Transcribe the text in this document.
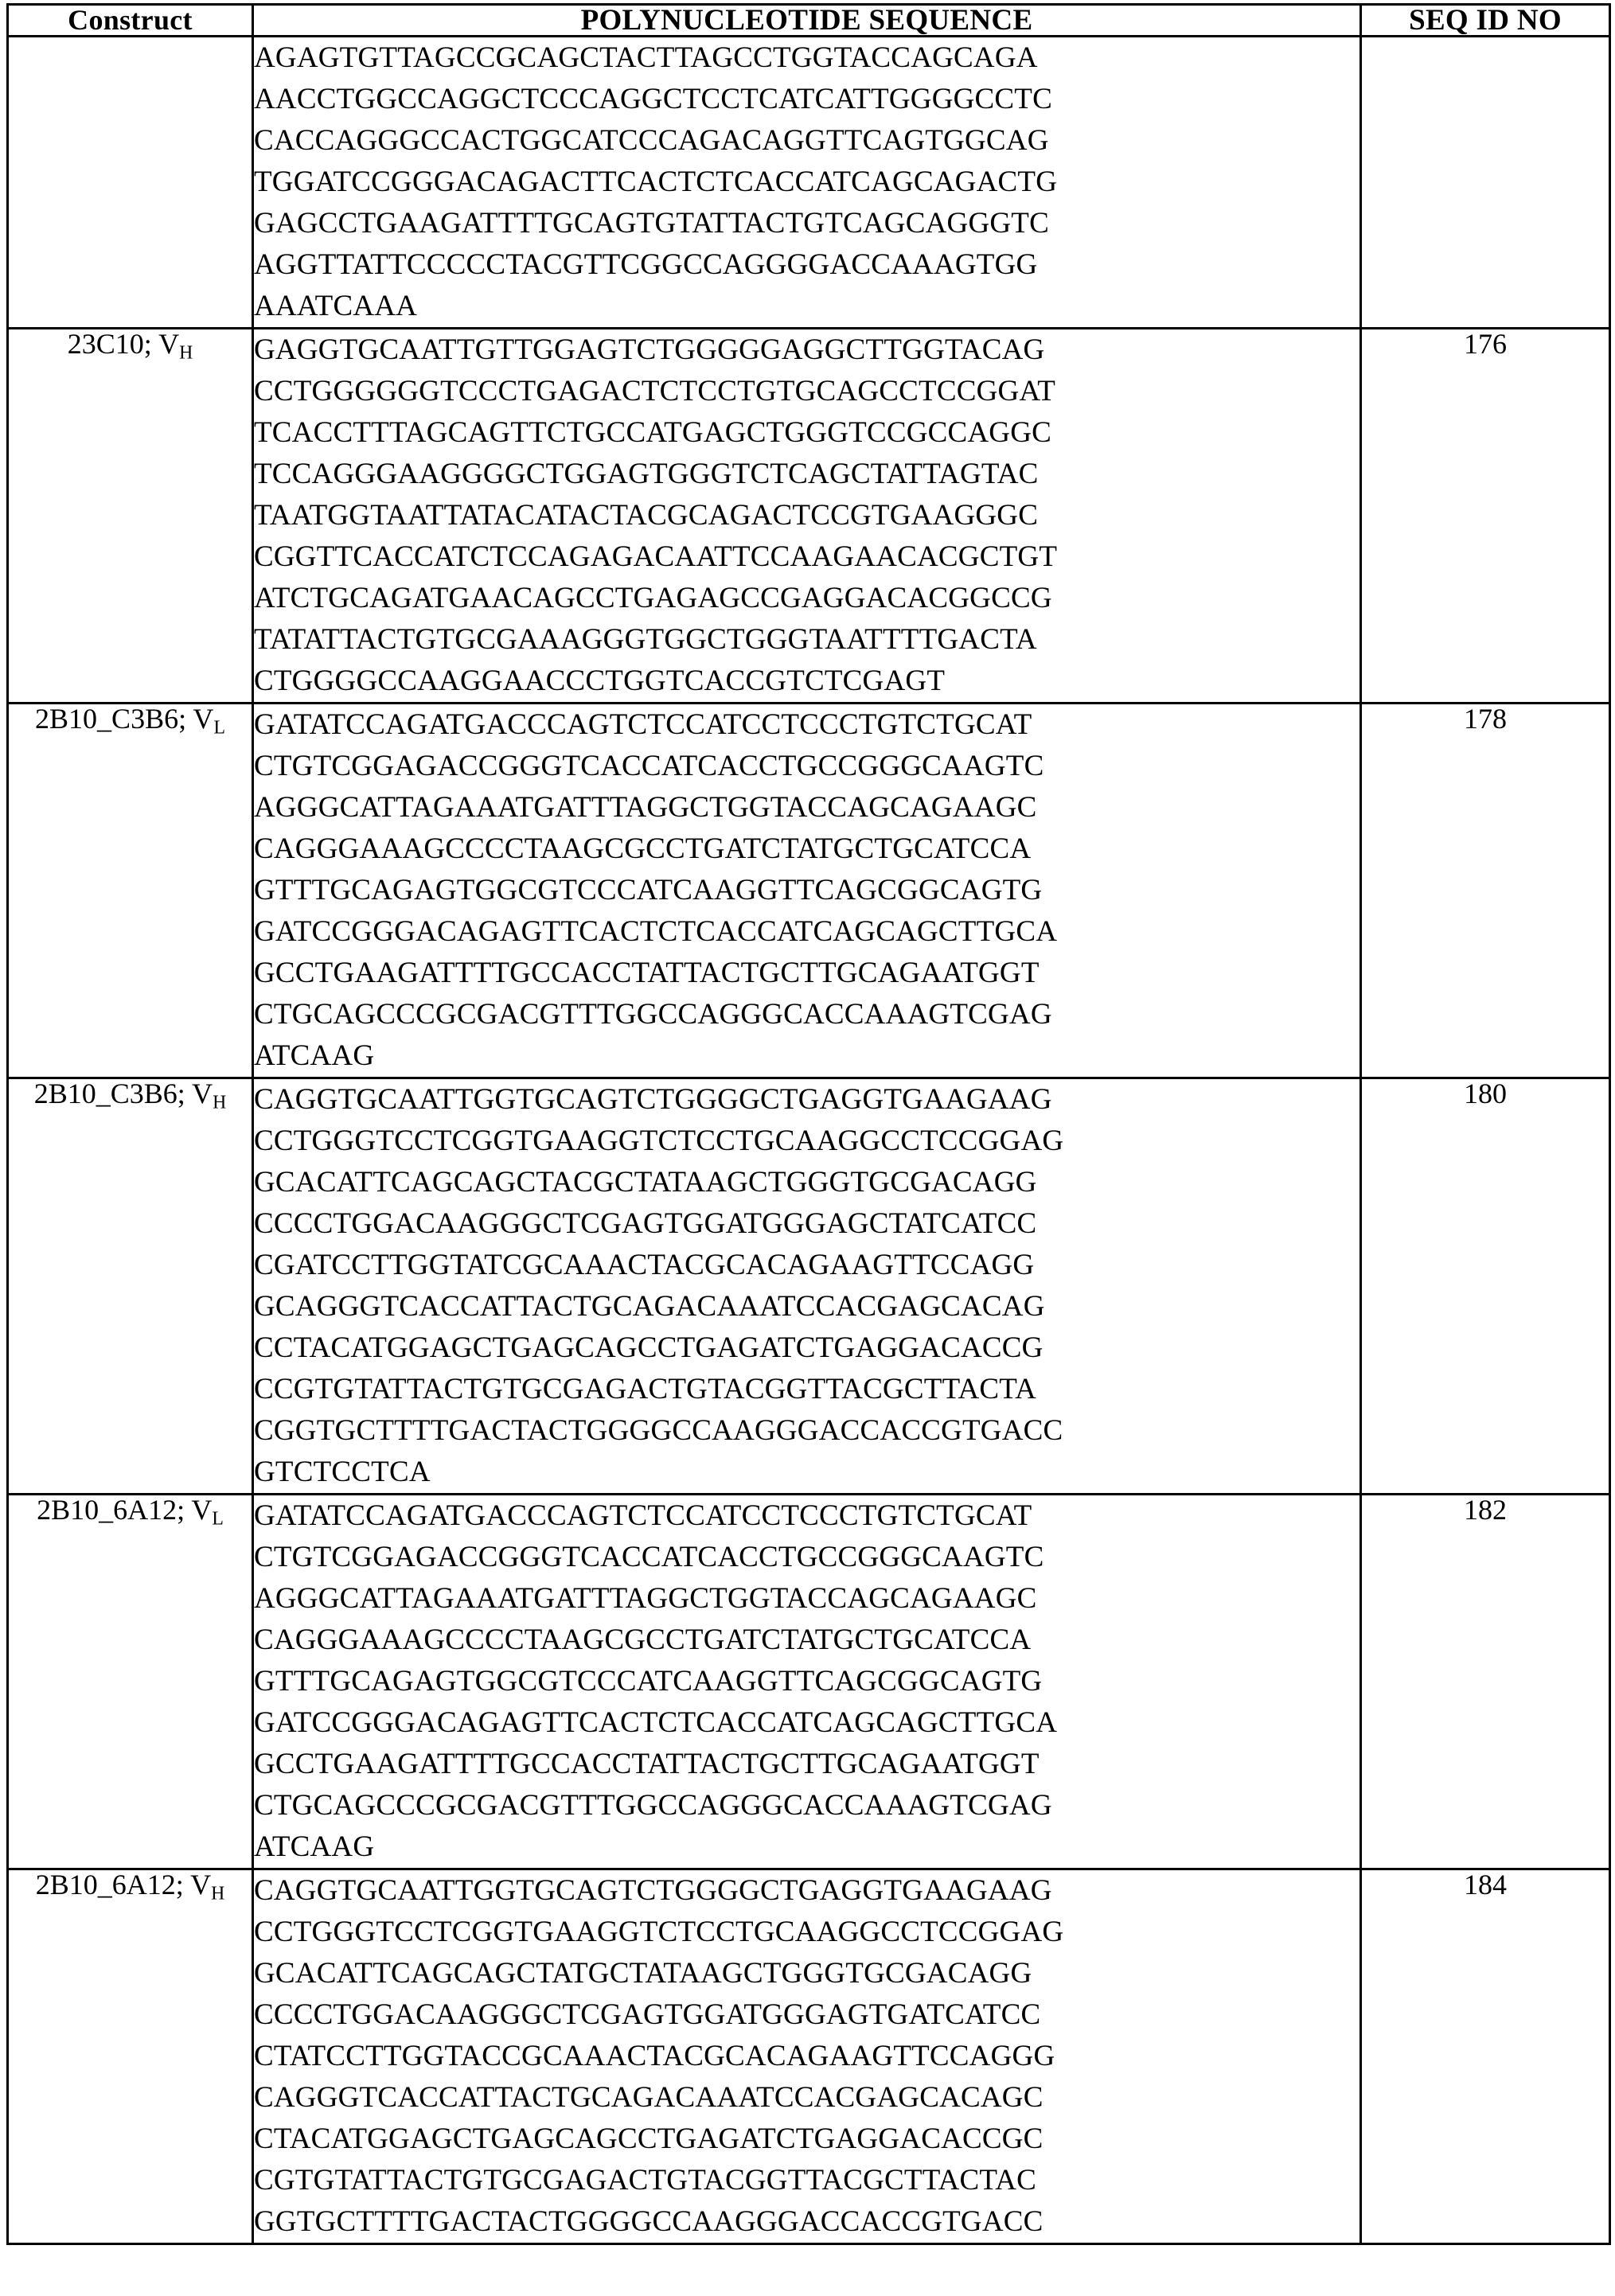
Construct	POLYNUCLEOTIDE SEQUENCE	SEQ ID NO

AGAGTGTTAGCCGCAGCTACTTAGCCTGGTACCAGCAGA
AACCTGGCCAGGCTCCCAGGCTCCTCATCATTGGGGCCTC
CACCAGGGCCACTGGCATCCCAGACAGGTTCAGTGGCAG
TGGATCCGGGACAGACTTCACTCTCACCATCAGCAGACTG
GAGCCTGAAGATTTTGCAGTGTATTACTGTCAGCAGGGTC
AGGTTATTCCCCCTACGTTCGGCCAGGGGACCAAAGTGG
AAATCAAA

23C10; $V_H$	GAGGTGCAATTGTTGGAGTCTGGGGGAGGCTTGGTACAG
CCTGGGGGGTCCCTGAGACTCTCCTGTGCAGCCTCCGGAT
TCACCTTTAGCAGTTCTGCCATGAGCTGGGTCCGCCAGGC
TCCAGGGAAGGGGCTGGAGTGGGTCTCAGCTATTAGTAC
TAATGGTAATTATACATACTACGCAGACTCCGTGAAGGGC
CGGTTCACCATCTCCAGAGACAATTCCAAGAACACGCTGT
ATCTGCAGATGAACAGCCTGAGAGCCGAGGACACGGCCG
TATATTACTGTGCGAAAGGGTGGCTGGGTAATTTTGACTA
CTGGGGCCAAGGAACCCTGGTCACCGTCTCGAGT
	176
2B10_C3B6; $V_L$	GATATCCAGATGACCCAGTCTCCATCCTCCCTGTCTGCAT
CTGTCGGAGACCGGGTCACCATCACCTGCCGGGCAAGTC
AGGGCATTAGAAATGATTTAGGCTGGTACCAGCAGAAGC
CAGGGAAAGCCCCTAAGCGCCTGATCTATGCTGCATCCA
GTTTGCAGAGTGGCGTCCCATCAAGGTTCAGCGGCAGTG
GATCCGGGACAGAGTTCACTCTCACCATCAGCAGCTTGCA
GCCTGAAGATTTTGCCACCTATTACTGCTTGCAGAATGGT
CTGCAGCCCGCGACGTTTGGCCAGGGCACCAAAGTCGAG
ATCAAG
	178
2B10_C3B6; $V_H$	CAGGTGCAATTGGTGCAGTCTGGGGCTGAGGTGAAGAAG
CCTGGGTCCTCGGTGAAGGTCTCCTGCAAGGCCTCCGGAG
GCACATTCAGCAGCTACGCTATAAGCTGGGTGCGACAGG
CCCCTGGACAAGGGCTCGAGTGGATGGGAGCTATCATCC
CGATCCTTGGTATCGCAAACTACGCACAGAAGTTCCAGG
GCAGGGTCACCATTACTGCAGACAAATCCACGAGCACAG
CCTACATGGAGCTGAGCAGCCTGAGATCTGAGGACACCG
CCGTGTATTACTGTGCGAGACTGTACGGTTACGCTTACTA
CGGTGCTTTTGACTACTGGGGCCAAGGGACCACCGTGACC
GTCTCCTCA
	180
2B10_6A12; $V_L$	GATATCCAGATGACCCAGTCTCCATCCTCCCTGTCTGCAT
CTGTCGGAGACCGGGTCACCATCACCTGCCGGGCAAGTC
AGGGCATTAGAAATGATTTAGGCTGGTACCAGCAGAAGC
CAGGGAAAGCCCCTAAGCGCCTGATCTATGCTGCATCCA
GTTTGCAGAGTGGCGTCCCATCAAGGTTCAGCGGCAGTG
GATCCGGGACAGAGTTCACTCTCACCATCAGCAGCTTGCA
GCCTGAAGATTTTGCCACCTATTACTGCTTGCAGAATGGT
CTGCAGCCCGCGACGTTTGGCCAGGGCACCAAAGTCGAG
ATCAAG
	182
2B10_6A12; $V_H$	CAGGTGCAATTGGTGCAGTCTGGGGCTGAGGTGAAGAAG
CCTGGGTCCTCGGTGAAGGTCTCCTGCAAGGCCTCCGGAG
GCACATTCAGCAGCTATGCTATAAGCTGGGTGCGACAGG
CCCCTGGACAAGGGCTCGAGTGGATGGGAGTGATCATCC
CTATCCTTGGTACCGCAAACTACGCACAGAAGTTCCAGGG
CAGGGTCACCATTACTGCAGACAAATCCACGAGCACAGC
CTACATGGAGCTGAGCAGCCTGAGATCTGAGGACACCGC
CGTGTATTACTGTGCGAGACTGTACGGTTACGCTTACTAC
GGTGCTTTTGACTACTGGGGCCAAGGGACCACCGTGACC
	184
